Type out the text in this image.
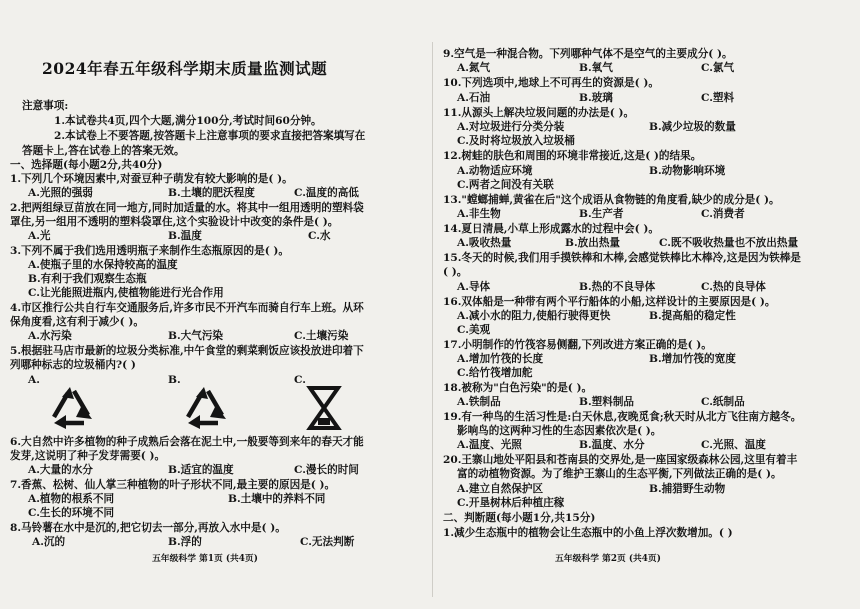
2024年春五年级科学期末质量监测试题
注意事项:
1.本试卷共4页,四个大题,满分100分,考试时间60分钟。
2.本试卷上不要答题,按答题卡上注意事项的要求直接把答案填写在
答题卡上,答在试卷上的答案无效。
一、选择题(每小题2分,共40分)
1.下列几个环境因素中,对蚕豆种子萌发有较大影响的是( )。
A.光照的强弱	B.土壤的肥沃程度	C.温度的高低
2.把两组绿豆苗放在同一地方,同时加适量的水。将其中一组用透明的塑料袋
罩住,另一组用不透明的塑料袋罩住,这个实验设计中改变的条件是( )。
A.光	B.温度	C.水
3.下列不属于我们选用透明瓶子来制作生态瓶原因的是( )。
A.使瓶子里的水保持较高的温度
B.有利于我们观察生态瓶
C.让光能照进瓶内,使植物能进行光合作用
4.市区推行公共自行车交通服务后,许多市民不开汽车而骑自行车上班。从环
保角度看,这有利于减少( )。
A.水污染	B.大气污染	C.土壤污染
5.根据驻马店市最新的垃圾分类标准,中午食堂的剩菜剩饭应该投放进印着下
列哪种标志的垃圾桶内?( )
A.	B.	C.
6.大自然中许多植物的种子成熟后会落在泥土中,一般要等到来年的春天才能
发芽,这说明了种子发芽需要( )。
A.大量的水分	B.适宜的温度	C.漫长的时间
7.香蕉、松树、仙人掌三种植物的叶子形状不同,最主要的原因是( )。
A.植物的根系不同	B.土壤中的养料不同
C.生长的环境不同
8.马铃薯在水中是沉的,把它切去一部分,再放入水中是( )。
A.沉的	B.浮的	C.无法判断
五年级科学 第1页 (共4页)
9.空气是一种混合物。下列哪种气体不是空气的主要成分( )。
A.氮气	B.氧气	C.氯气
10.下列选项中,地球上不可再生的资源是( )。
A.石油	B.玻璃	C.塑料
11.从源头上解决垃圾问题的办法是( )。
A.对垃圾进行分类分装	B.减少垃圾的数量
C.及时将垃圾放入垃圾桶
12.树蛙的肤色和周围的环境非常接近,这是( )的结果。
A.动物适应环境	B.动物影响环境
C.两者之间没有关联
13."螳螂捕蝉,黄雀在后"这个成语从食物链的角度看,缺少的成分是( )。
A.非生物	B.生产者	C.消费者
14.夏日清晨,小草上形成露水的过程中会( )。
A.吸收热量	B.放出热量	C.既不吸收热量也不放出热量
15.冬天的时候,我们用手摸铁棒和木棒,会感觉铁棒比木棒冷,这是因为铁棒是
( )。
A.导体	B.热的不良导体	C.热的良导体
16.双体船是一种带有两个平行船体的小船,这样设计的主要原因是( )。
A.减小水的阻力,使船行驶得更快	B.提高船的稳定性
C.美观
17.小明制作的竹筏容易侧翻,下列改进方案正确的是( )。
A.增加竹筏的长度	B.增加竹筏的宽度
C.给竹筏增加舵
18.被称为"白色污染"的是( )。
A.铁制品	B.塑料制品	C.纸制品
19.有一种鸟的生活习性是:白天休息,夜晚觅食;秋天时从北方飞往南方越冬。
影响鸟的这两种习性的生态因素依次是( )。
A.温度、光照	B.温度、水分	C.光照、温度
20.王寨山地处平阳县和苍南县的交界处,是一座国家级森林公园,这里有着丰
富的动植物资源。为了维护王寨山的生态平衡,下列做法正确的是( )。
A.建立自然保护区	B.捕猎野生动物
C.开垦树林后种植庄稼
二、判断题(每小题1分,共15分)
1.减少生态瓶中的植物会让生态瓶中的小鱼上浮次数增加。( )
五年级科学 第2页 (共4页)
